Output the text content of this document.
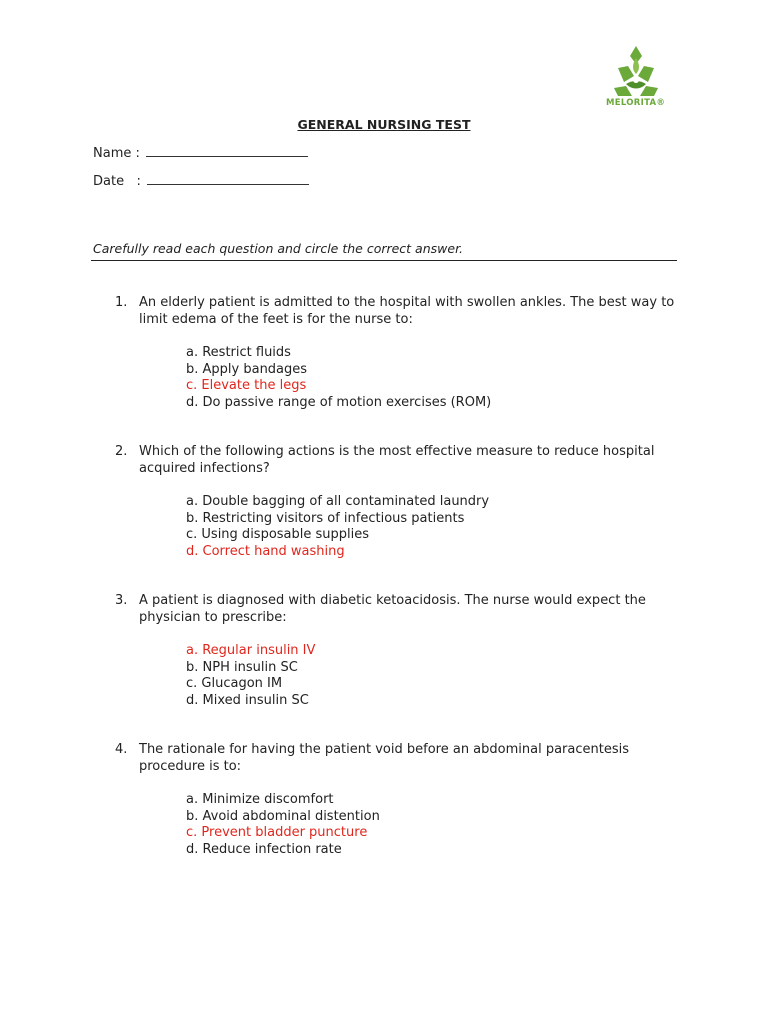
MELORITA®
GENERAL NURSING TEST
Name :
Date   :
Carefully read each question and circle the correct answer.
1. An elderly patient is admitted to the hospital with swollen ankles. The best way to limit edema of the feet is for the nurse to:
a. Restrict fluids
b. Apply bandages
c. Elevate the legs
d. Do passive range of motion exercises (ROM)
2. Which of the following actions is the most effective measure to reduce hospital acquired infections?
a. Double bagging of all contaminated laundry
b. Restricting visitors of infectious patients
c. Using disposable supplies
d. Correct hand washing
3. A patient is diagnosed with diabetic ketoacidosis. The nurse would expect the physician to prescribe:
a. Regular insulin IV
b. NPH insulin SC
c. Glucagon IM
d. Mixed insulin SC
4. The rationale for having the patient void before an abdominal paracentesis procedure is to:
a. Minimize discomfort
b. Avoid abdominal distention
c. Prevent bladder puncture
d. Reduce infection rate
